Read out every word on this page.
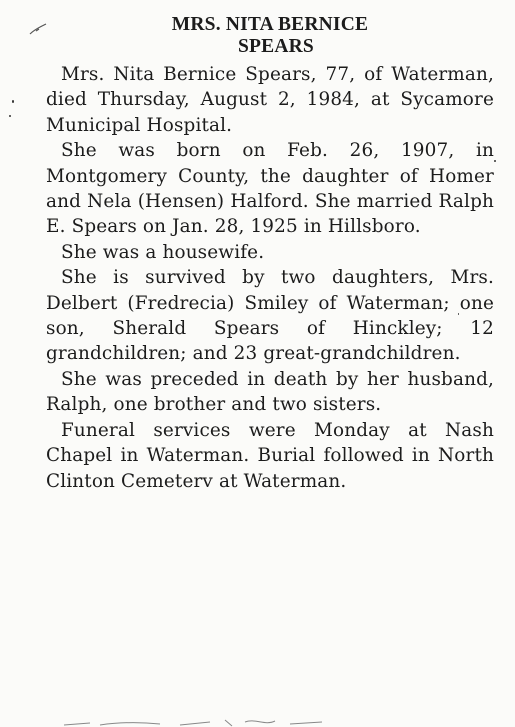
MRS. NITA BERNICE
SPEARS

Mrs. Nita Bernice Spears, 77, of Waterman, died Thursday, August 2, 1984, at Sycamore Municipal Hospital.

She was born on Feb. 26, 1907, in Montgomery County, the daughter of Homer and Nela (Hensen) Halford. She married Ralph E. Spears on Jan. 28, 1925 in Hillsboro.

She was a housewife.

She is survived by two daughters, Mrs. Delbert (Fredrecia) Smiley of Waterman; one son, Sherald Spears of Hinckley; 12 grandchildren; and 23 great-grandchildren.

She was preceded in death by her husband, Ralph, one brother and two sisters.

Funeral services were Monday at Nash Chapel in Waterman. Burial followed in North Clinton Cemeterv at Waterman.
